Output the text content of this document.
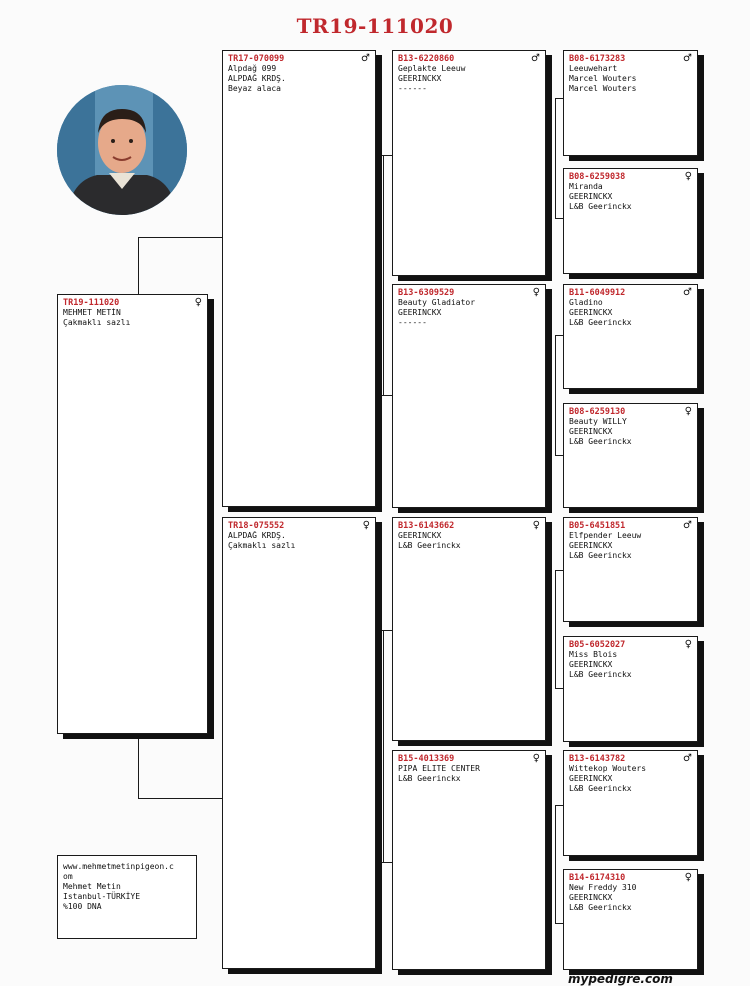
TR19-111020
♀
TR19-111020
MEHMET METİN
Çakmaklı sazlı
♂
TR17-070099
Alpdağ 099
ALPDAĞ KRDŞ.
Beyaz alaca
♀
TR18-075552
ALPDAĞ KRDŞ.
Çakmaklı sazlı
♂
B13-6220860
Geplakte Leeuw
GEERINCKX
------
♀
B13-6309529
Beauty Gladiator
GEERINCKX
------
♀
B13-6143662
GEERINCKX
L&B Geerinckx
♀
B15-4013369
PIPA ELITE CENTER
L&B Geerinckx
♂
B08-6173283
Leeuwehart
Marcel Wouters
Marcel Wouters
♀
B08-6259038
Miranda
GEERINCKX
L&B Geerinckx
♂
B11-6049912
Gladino
GEERINCKX
L&B Geerinckx
♀
B08-6259130
Beauty WILLY
GEERINCKX
L&B Geerinckx
♂
B05-6451851
Elfpender Leeuw
GEERINCKX
L&B Geerinckx
♀
B05-6052027
Miss Blois
GEERINCKX
L&B Geerinckx
♂
B13-6143782
Wittekop Wouters
GEERINCKX
L&B Geerinckx
♀
B14-6174310
New Freddy 310
GEERINCKX
L&B Geerinckx
www.mehmetmetinpigeon.c
om
Mehmet Metin
Istanbul-TÜRKİYE
%100 DNA
mypedigre.com
